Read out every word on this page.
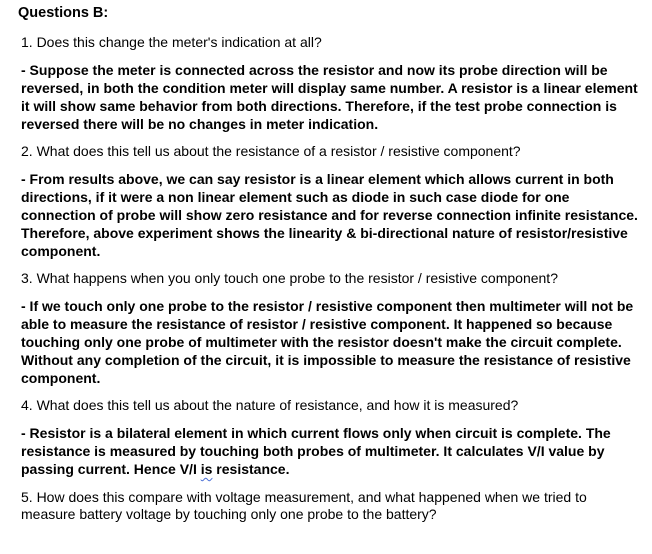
Questions B:

1. Does this change the meter's indication at all?

- Suppose the meter is connected across the resistor and now its probe direction will be reversed, in both the condition meter will display same number. A resistor is a linear element it will show same behavior from both directions. Therefore, if the test probe connection is reversed there will be no changes in meter indication.

2. What does this tell us about the resistance of a resistor / resistive component?

- From results above, we can say resistor is a linear element which allows current in both directions, if it were a non linear element such as diode in such case diode for one connection of probe will show zero resistance and for reverse connection infinite resistance. Therefore, above experiment shows the linearity & bi-directional nature of resistor/resistive component.

3. What happens when you only touch one probe to the resistor / resistive component?

- If we touch only one probe to the resistor / resistive component then multimeter will not be able to measure the resistance of resistor / resistive component. It happened so because touching only one probe of multimeter with the resistor doesn't make the circuit complete. Without any completion of the circuit, it is impossible to measure the resistance of resistive component.

4. What does this tell us about the nature of resistance, and how it is measured?

- Resistor is a bilateral element in which current flows only when circuit is complete. The resistance is measured by touching both probes of multimeter. It calculates V/I value by passing current. Hence V/I is resistance.

5. How does this compare with voltage measurement, and what happened when we tried to measure battery voltage by touching only one probe to the battery?
